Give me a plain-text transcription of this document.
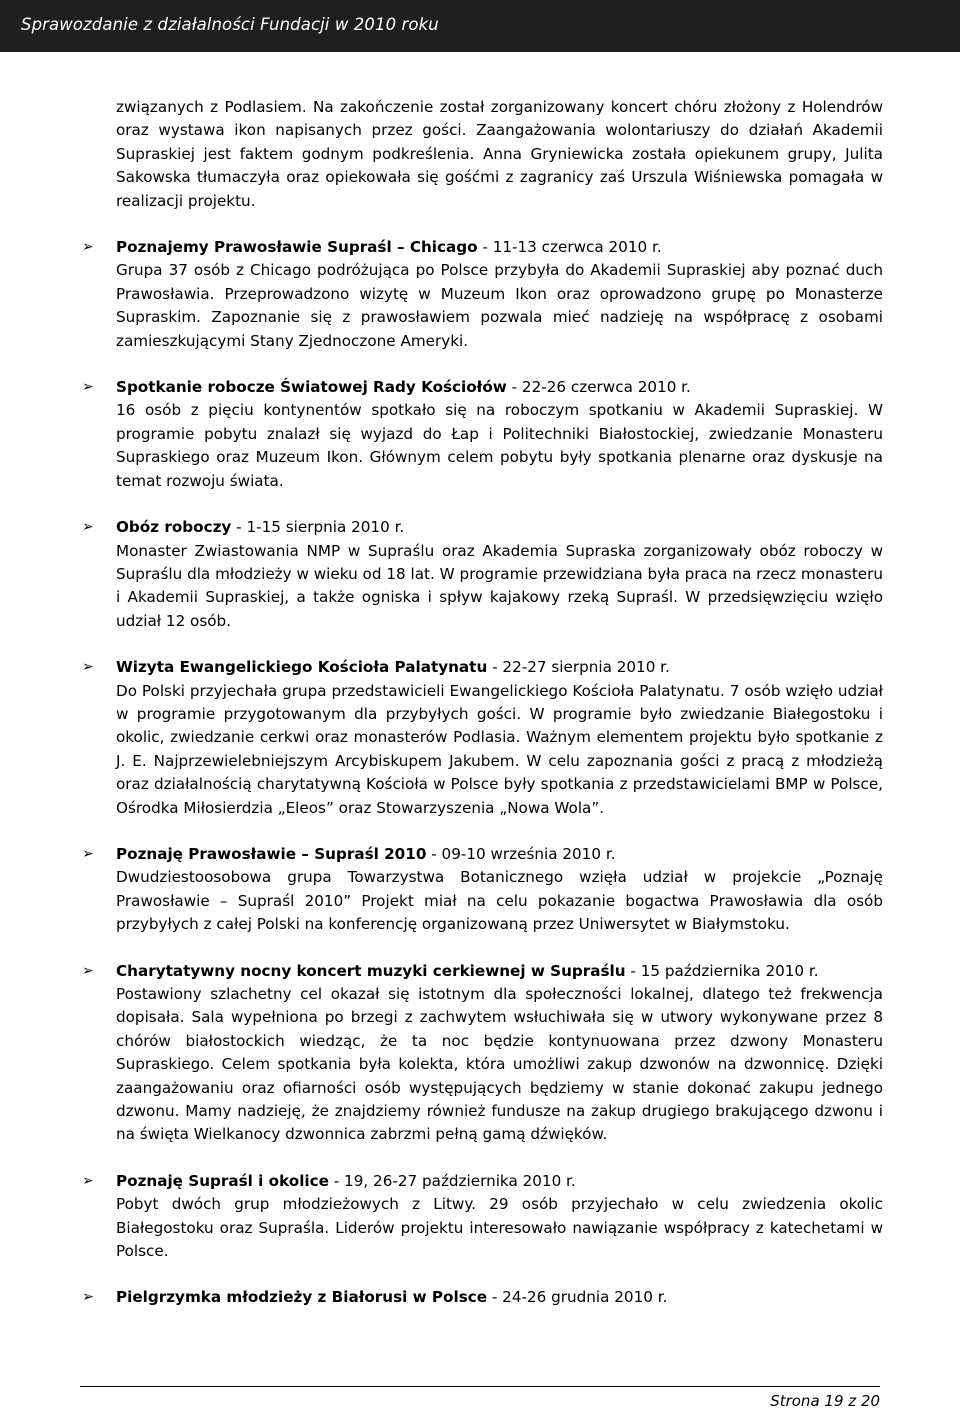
Sprawozdanie z działalności Fundacji w 2010 roku

związanych z Podlasiem. Na zakończenie został zorganizowany koncert chóru złożony z Holendrów oraz wystawa ikon napisanych przez gości. Zaangażowania wolontariuszy do działań Akademii Supraskiej jest faktem godnym podkreślenia. Anna Gryniewicka została opiekunem grupy, Julita Sakowska tłumaczyła oraz opiekowała się gośćmi z zagranicy zaś Urszula Wiśniewska pomagała w realizacji projektu.

➢ Poznajemy Prawosławie Supraśl – Chicago - 11-13 czerwca 2010 r.

Grupa 37 osób z Chicago podróżująca po Polsce przybyła do Akademii Supraskiej aby poznać duch Prawosławia. Przeprowadzono wizytę w Muzeum Ikon oraz oprowadzono grupę po Monasterze Supraskim. Zapoznanie się z prawosławiem pozwala mieć nadzieję na współpracę z osobami zamieszkującymi Stany Zjednoczone Ameryki.

➢ Spotkanie robocze Światowej Rady Kościołów - 22-26 czerwca 2010 r.

16 osób z pięciu kontynentów spotkało się na roboczym spotkaniu w Akademii Supraskiej. W programie pobytu znalazł się wyjazd do Łap i Politechniki Białostockiej, zwiedzanie Monasteru Supraskiego oraz Muzeum Ikon. Głównym celem pobytu były spotkania plenarne oraz dyskusje na temat rozwoju świata.

➢ Obóz roboczy - 1-15 sierpnia 2010 r.

Monaster Zwiastowania NMP w Supraślu oraz Akademia Supraska zorganizowały obóz roboczy w Supraślu dla młodzieży w wieku od 18 lat. W programie przewidziana była praca na rzecz monasteru i Akademii Supraskiej, a także ogniska i spływ kajakowy rzeką Supraśl. W przedsięwzięciu wzięło udział 12 osób.

➢ Wizyta Ewangelickiego Kościoła Palatynatu - 22-27 sierpnia 2010 r.

Do Polski przyjechała grupa przedstawicieli Ewangelickiego Kościoła Palatynatu. 7 osób wzięło udział w programie przygotowanym dla przybyłych gości. W programie było zwiedzanie Białegostoku i okolic, zwiedzanie cerkwi oraz monasterów Podlasia. Ważnym elementem projektu było spotkanie z J. E. Najprzewielebniejszym Arcybiskupem Jakubem. W celu zapoznania gości z pracą z młodzieżą oraz działalnością charytatywną Kościoła w Polsce były spotkania z przedstawicielami BMP w Polsce, Ośrodka Miłosierdzia „Eleos” oraz Stowarzyszenia „Nowa Wola”.

➢ Poznaję Prawosławie – Supraśl 2010 - 09-10 września 2010 r.

Dwudziestoosobowa grupa Towarzystwa Botanicznego wzięła udział w projekcie „Poznaję Prawosławie – Supraśl 2010” Projekt miał na celu pokazanie bogactwa Prawosławia dla osób przybyłych z całej Polski na konferencję organizowaną przez Uniwersytet w Białymstoku.

➢ Charytatywny nocny koncert muzyki cerkiewnej w Supraślu - 15 października 2010 r.

Postawiony szlachetny cel okazał się istotnym dla społeczności lokalnej, dlatego też frekwencja dopisała. Sala wypełniona po brzegi z zachwytem wsłuchiwała się w utwory wykonywane przez 8 chórów białostockich wiedząc, że ta noc będzie kontynuowana przez dzwony Monasteru Supraskiego. Celem spotkania była kolekta, która umożliwi zakup dzwonów na dzwonnicę. Dzięki zaangażowaniu oraz ofiarności osób występujących będziemy w stanie dokonać zakupu jednego dzwonu. Mamy nadzieję, że znajdziemy również fundusze na zakup drugiego brakującego dzwonu i na święta Wielkanocy dzwonnica zabrzmi pełną gamą dźwięków.

➢ Poznaję Supraśl i okolice - 19, 26-27 października 2010 r.

Pobyt dwóch grup młodzieżowych z Litwy. 29 osób przyjechało w celu zwiedzenia okolic Białegostoku oraz Supraśla. Liderów projektu interesowało nawiązanie współpracy z katechetami w Polsce.

➢ Pielgrzymka młodzieży z Białorusi w Polsce - 24-26 grudnia 2010 r.

Strona 19 z 20
